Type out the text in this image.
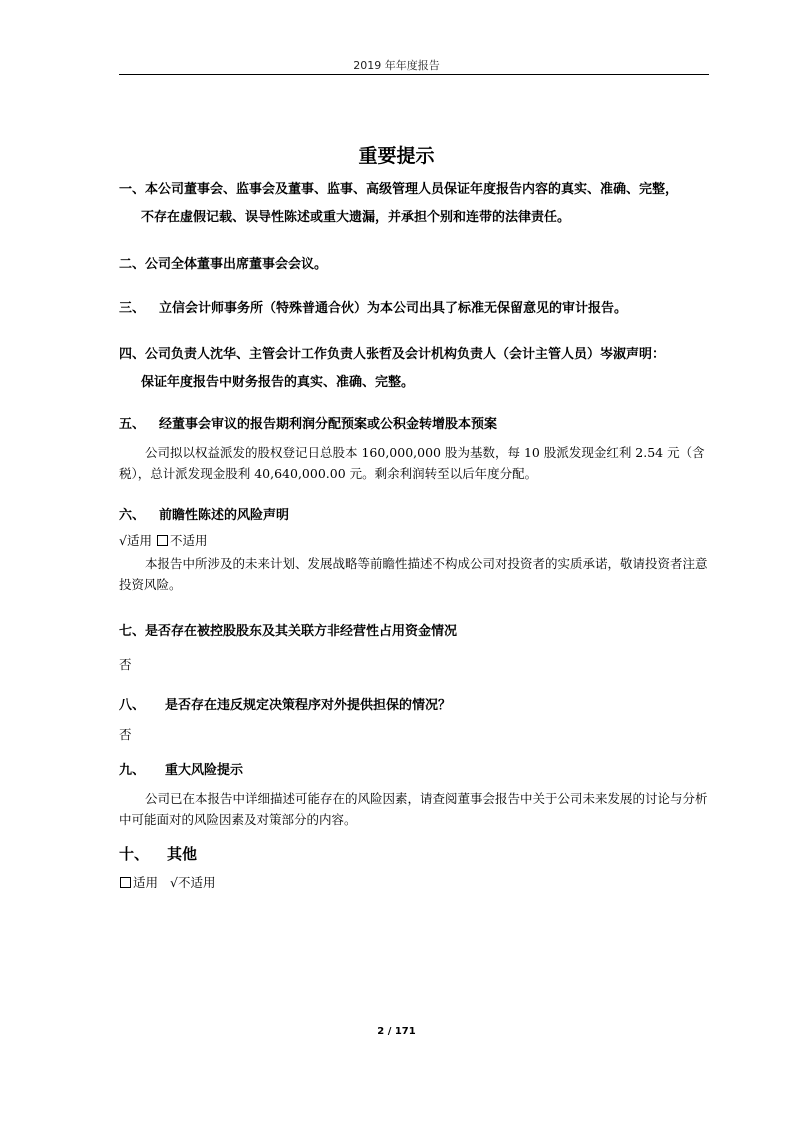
2019 年年度报告
重要提示
一、本公司董事会、监事会及董事、监事、高级管理人员保证年度报告内容的真实、准确、完整，
不存在虚假记载、误导性陈述或重大遗漏，并承担个别和连带的法律责任。
二、公司全体董事出席董事会会议。
三、 立信会计师事务所（特殊普通合伙）为本公司出具了标准无保留意见的审计报告。
四、公司负责人沈华、主管会计工作负责人张哲及会计机构负责人（会计主管人员）岑淑声明：
保证年度报告中财务报告的真实、准确、完整。
五、 经董事会审议的报告期利润分配预案或公积金转增股本预案
公司拟以权益派发的股权登记日总股本 160,000,000 股为基数，每 10 股派发现金红利 2.54 元（含税），总计派发现金股利 40,640,000.00 元。剩余利润转至以后年度分配。
六、 前瞻性陈述的风险声明
√适用 不适用
本报告中所涉及的未来计划、发展战略等前瞻性描述不构成公司对投资者的实质承诺，敬请投资者注意投资风险。
七、是否存在被控股股东及其关联方非经营性占用资金情况
否
八、 是否存在违反规定决策程序对外提供担保的情况？
否
九、 重大风险提示
公司已在本报告中详细描述可能存在的风险因素，请查阅董事会报告中关于公司未来发展的讨论与分析中可能面对的风险因素及对策部分的内容。
十、 其他
适用 √不适用
2 / 171
